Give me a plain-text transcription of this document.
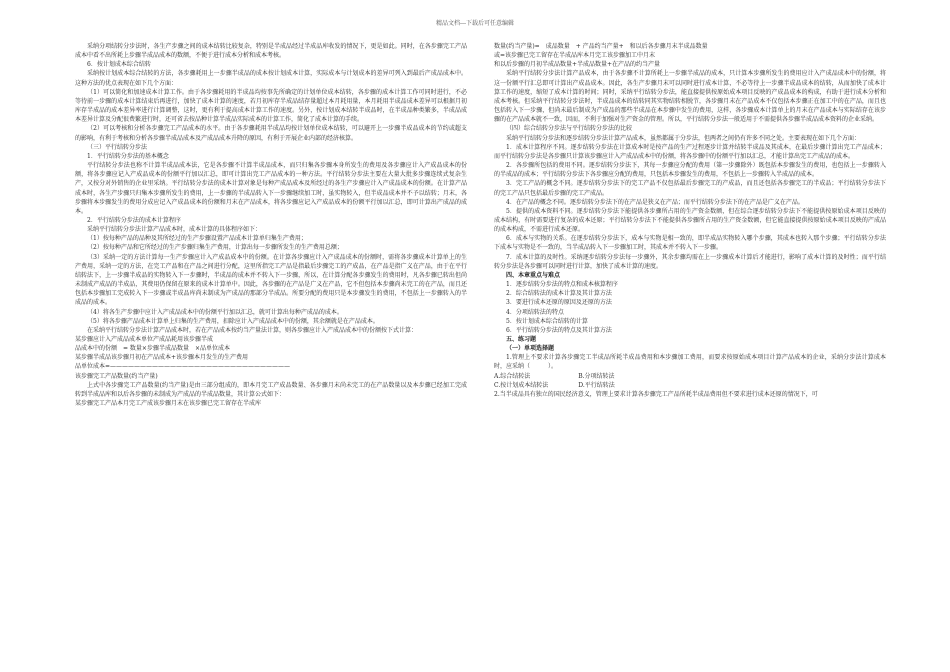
精品文档---下载后可任意编辑

采纳分项结转分步法时，各生产步骤之间的成本结转比较复杂，特别是半成品经过半成品库收发的情况下，更是如此。同时，在各步骤完工产品成本中看不出所耗上步骤半成品成本的数额，不便于进行成本分析和成本考核。

6．按计划成本综合结转

采纳按计划成本综合结转的方法，各步骤耗用上一步骤半成品的成本按计划成本计算，实际成本与计划成本的差异可列入到最后产成品成本中。这种方法的优点表现在如下几个方面：

（1）可以简化和加速成本计算工作。由于各步骤耗用的半成品均按事先所确定的计划单位成本结转，各步骤的成本计算工作可同时进行，不必等待前一步骤的成本计算结束后再进行，加快了成本计算的速度，若月初库存半成品结存量超过本月耗用量，本月耗用半成品成本差异可以根据月初库存半成品的成本差异率进行计算调整，这时，更有利于提高成本计算工作的速度。另外，按计划成本结转半成品时，在半成品种类繁多，半成品成本差异计算及分配很费繁进行时，还可省去按品种计算半成品实际成本的计算工作，简化了成本计算的手续。

（2）可以考核和分析各步骤完工产品成本的水平。由于各步骤耗用半成品均按计划单位成本结转，可以避开上一步骤半成品成本的节约或超支的影响，有利于考核和分析各步骤半成品成本及产成品成本升降的原因，有利于开展企业内部的经济核算。

（三）平行结转分步法

1．平行结转分步法的基本概念

平行结转分步法也称不计算半成品成本法，它是各步骤不计算半成品成本，而只归集各步骤本身所发生的费用及各步骤应计入产成品成本的份额，将各步骤应记入产成品成本的份额平行加以汇总，即可计算出完工产品成本的一种方法。平行结转分步法主要在大量大批多步骤连续式复杂生产，又按分对外销售的企业里采纳。平行结转分步法的成本计算对象是每种产成品成本及所经过的各生产步骤应计入产成品成本的份额。在计算产品成本时，各生产步骤只归集本步骤所发生的费用，上一步骤的半成品转入下一步骤继续加工时，虽实物转入，但半成品成本并不予以结转；月末，各步骤将本步骤发生的费用分成应记入产成品成本的份额和月末在产品成本，将各步骤应记入产成品成本的份额平行加以汇总，即可计算出产成品的成本。

2．平行结转分步法的成本计算程序

采纳平行结转分步法计算产品成本时，成本计算的具体程序如下：

（1）按每种产品的品种及其所经过的生产步骤设置产品成本计算单归集生产费用；

（2）按每种产品和它所经过的生产步骤归集生产费用，计算出每一步骤所发生的生产费用总额；

（3）采纳一定的方法计算每一生产步骤应计入产成品成本中的份额。在计算各步骤应计入产成品成本的份额时，需将各步骤成本计算单上的生产费用，采纳一定的方法，在完工产品和在产品之间进行分配，这里所指完工产品是指最后步骤完工的产成品，在产品是指广义在产品，由于在平行结转法下，上一步骤半成品的实物转入下一步骤时，半成品的成本并不转入下一步骤，所以，在计算分配各步骤发生的费用时，凡各步骤已转出但尚未制成产成品的半成品，其费用仍保留在原来的成本计算单中。因此，各步骤的在产品是广义在产品，它不但包括本步骤尚未完工的在产品，而且还包括本步骤加工完成转入下一步骤或半成品库尚未制成为产成品的那部分半成品。所要分配的费用只是本步骤发生的费用，不包括上一步骤转入的半成品的成本。

（4）将各生产步骤中应计入产成品成本中的份额平行加以汇总，就可计算出每种产成品的成本。

（5）将各步骤产品成本计算单上归集的生产费用，扣除应计入产成品成本中的份额，其余额就是在产品成本。

在采纳平行结转分步法计算产品成本时，若在产品成本按约当产量法计算，则各步骤应计入产成品成本中的份额按下式计算：

某步骤应计入产成品成本单位产成品耗用该步骤半成

品成本中的份额　= 数量×步骤半成品数量　×品单位成本

某步骤半成品该步骤月初在产品成本+该步骤本月发生的生产费用

品单位成本=——————————————————————————————

该步骤完工产品数量(约当产量)

上式中各步骤完工产品数量(约当产量)是由三部分组成的，即本月完工产成品数量、各步骤月末尚未完工的在产品数量以及本步骤已经加工完成转到半成品库和以后各步骤的未制成为产成品的半成品数量，其计算公式如下：

某步骤完工产品本月完工产成该步骤月末在该步骤已完工留存在半成库

数量(约当产量)=　成品数量　+ 产品约当产量+　和以后各步骤月末半成品数量

或=该步骤已完工留存在半成品库本月完工该步骤加工中月末

和以后步骤的月初半成品数量+半成品数量+在产品的约当产量

采纳平行结转分步法计算产品成本，由于各步骤不计算所耗上一步骤半成品的成本，只计算本步骤所发生的费用应计入产成品成本中的份额，将这一份额平行汇总即可计算出产成品成本。因此，各生产步骤月末可以同时进行成本计算，不必等待上一步骤半成品成本的结转，从而加快了成本计算工作的速度，缩短了成本计算的时间；同时，采纳平行结转分步法，能直接提供按原始成本项目反映的产成品成本的构成，有助于进行成本分析和成本考核。但采纳平行结转分步法时，半成品成本的结转同其实物结转相脱节，各步骤月末在产品成本不仅包括本步骤正在加工中的在产品，而且也包括转入下一步骤，但尚未最后制成为产成品的那些半成品在本步骤中发生的费用，这样，各步骤成本计算单上的月末在产品成本与实际结存在该步骤的在产品成本就不一致，因而，不利于加强对生产资金的管理。所以，平行结转分步法一般适用于不需提供各步骤半成品成本资料的企业采纳。

（四）综合结转分步法与平行结转分步法的比较

采纳平行结转分步法和逐步结转分步法计算产品成本，虽然都属于分步法，但两者之间仍有许多不同之处。主要表现在如下几个方面：

1．成本计算程序不同。逐步结转分步法在计算成本时是按产品的生产过程逐步计算并结转半成品及其成本，在最后步骤计算出完工产品成本；而平行结转分步法是各步骤只计算该步骤应计入产成品成本中的份额，将各步骤中的份额平行加以汇总，才能计算出完工产成品的成本。

2．各步骤所包括的费用不同。逐步结转分步法下，其每一步骤应分配的费用（第一步骤除外）既包括本步骤发生的费用，也包括上一步骤转入的半成品的成本；平行结转分步法下各步骤应分配的费用，只包括本步骤发生的费用，不包括上一步骤转入半成品的成本。

3．完工产品的概念不同。逐步结转分步法下的完工产品不仅包括最后步骤完工的产成品，而且还包括各步骤完工的半成品；平行结转分步法下的完工产品只包括最后步骤的完工产成品。

4．在产品的概念不同。逐步结转分步法下的在产品是狭义在产品；而平行结转分步法下的在产品是广义在产品。

5．提供的成本资料不同。逐步结转分步法下能提供各步骤所占用的生产资金数额，但在综合逐步结转分步法下不能提供按原始成本项目反映的成本结构，有时需要进行复杂的成本还原；平行结转分步法下不能提供各步骤所占用的生产资金数额，但它能直接提供按原始成本项目反映的产成品的成本构成，不需进行成本还原。

6．成本与实物的关系。在逐步结转分步法下，成本与实物是相一致的，即半成品实物转入哪个步骤，其成本也转入那个步骤；平行结转分步法下成本与实物是不一致的，当半成品转入下一步骤加工时，其成本并不转入下一步骤。

7．成本计算的及时性。采纳逐步结转分步法每一步骤外，其余步骤均需在上一步骤成本计算后才能进行，影响了成本计算的及时性；而平行结转分步法是各步骤可以同时进行计算，加快了成本计算的速度。

四、本章重点与难点

1．逐步结转分步法的特点和成本核算程序

2．综合结转法的成本计算及其计算方法

3．要进行成本还原的原因及还原的方法

4．分项结转法的特点

5．按计划成本综合结转的计算

6．平行结转分步法的特点及其计算方法

五、练习题

（一）单项选择题

1.管理上不要求计算各步骤完工半成品所耗半成品费用和本步骤加工费用，而要求按原始成本项目计算产品成本的企业，采纳分步法计算成本时，应采纳（　　　）。

A.综合结转法　　　　　　　　B.分项结转法

C.按计划成本结转法　　　　　D.平行结转法

2.当半成品具有独立的国民经济意义，管理上要求计算各步骤完工产品所耗半成品费用但不要求进行成本还原的情况下，可
